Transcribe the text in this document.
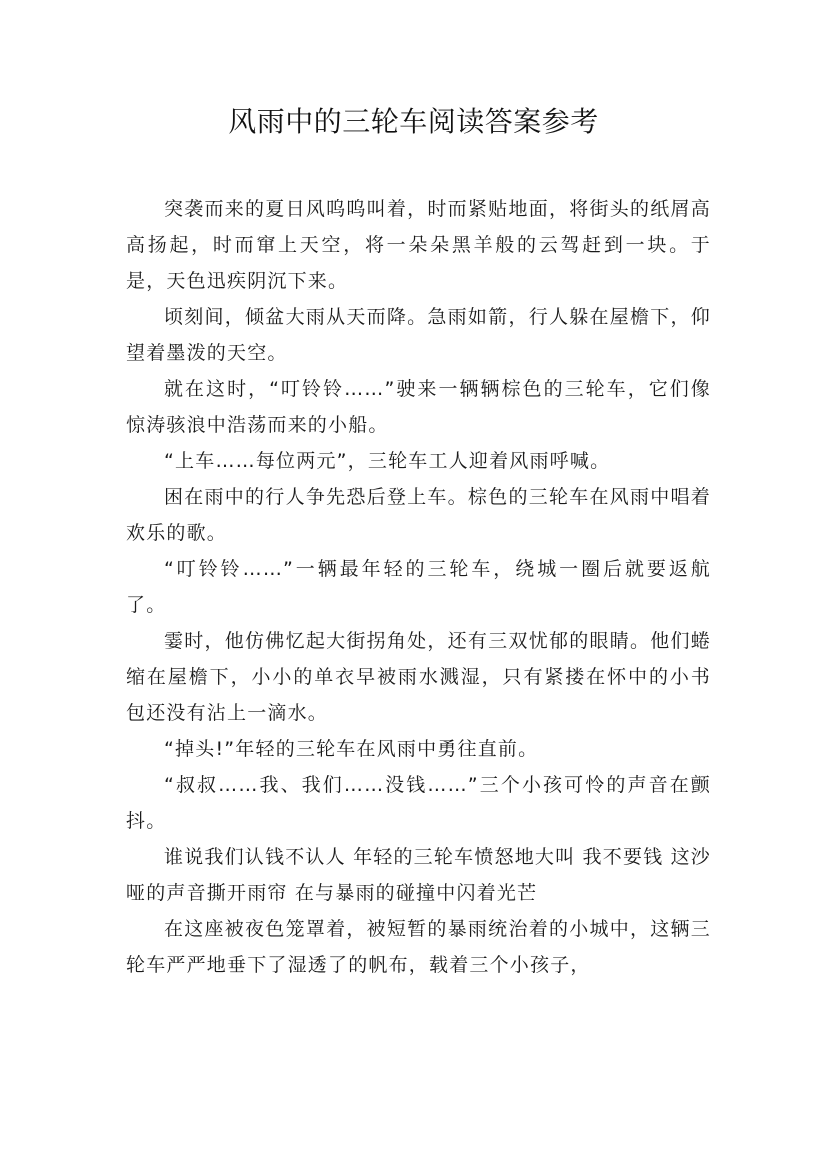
风雨中的三轮车阅读答案参考

突袭而来的夏日风呜呜叫着，时而紧贴地面，将街头的纸屑高高扬起，时而窜上天空，将一朵朵黑羊般的云驾赶到一块。于是，天色迅疾阴沉下来。

顷刻间，倾盆大雨从天而降。急雨如箭，行人躲在屋檐下，仰望着墨泼的天空。

就在这时，“叮铃铃……”驶来一辆辆棕色的三轮车，它们像惊涛骇浪中浩荡而来的小船。

“上车……每位两元”，三轮车工人迎着风雨呼喊。

困在雨中的行人争先恐后登上车。棕色的三轮车在风雨中唱着欢乐的歌。

“叮铃铃……”一辆最年轻的三轮车，绕城一圈后就要返航了。

霎时，他仿佛忆起大街拐角处，还有三双忧郁的眼睛。他们蜷缩在屋檐下，小小的单衣早被雨水溅湿，只有紧搂在怀中的小书包还没有沾上一滴水。

“掉头!”年轻的三轮车在风雨中勇往直前。

“叔叔……我、我们……没钱……”三个小孩可怜的声音在颤抖。

谁说我们认钱不认人 年轻的三轮车愤怒地大叫 我不要钱 这沙哑的声音撕开雨帘 在与暴雨的碰撞中闪着光芒

在这座被夜色笼罩着，被短暂的暴雨统治着的小城中，这辆三轮车严严地垂下了湿透了的帆布，载着三个小孩子，
